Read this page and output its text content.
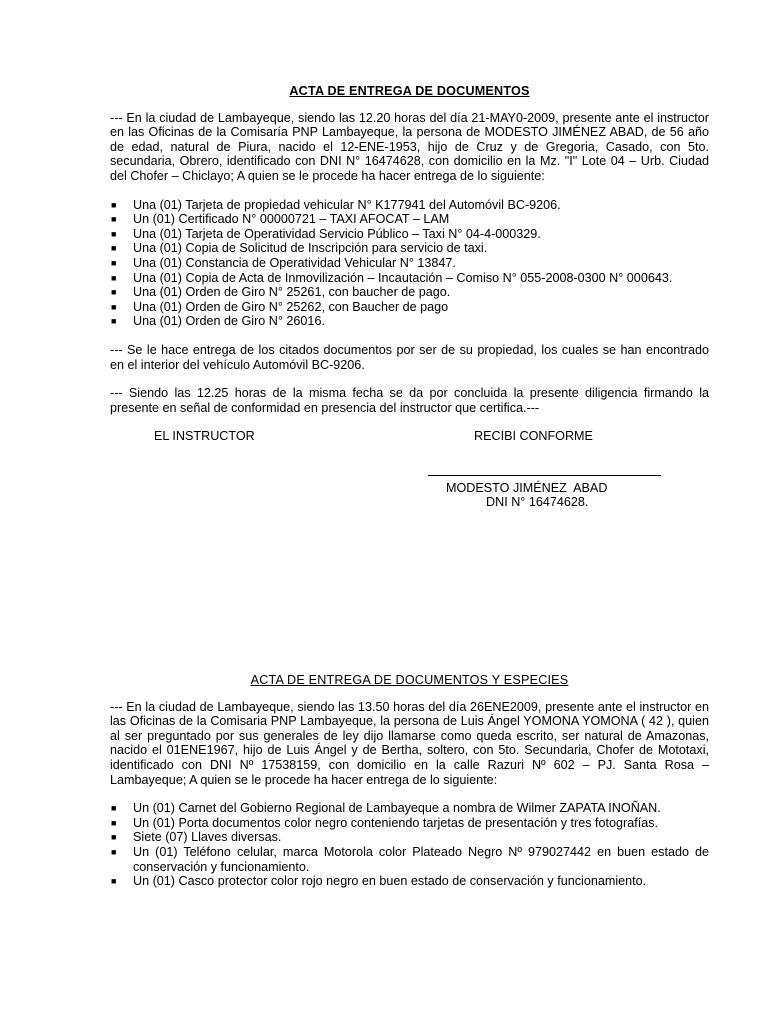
ACTA DE ENTREGA DE DOCUMENTOS
--- En la ciudad de Lambayeque, siendo las 12.20 horas del día 21-MAY0-2009, presente ante el instructor en las Oficinas de la Comisaría PNP Lambayeque, la persona de MODESTO JIMÉNEZ ABAD, de 56 año de edad, natural de Piura, nacido el 12-ENE-1953, hijo de Cruz y de Gregoria, Casado, con 5to. secundaria, Obrero, identificado con DNI N° 16474628, con domicilio en la Mz. "I" Lote 04 – Urb. Ciudad del Chofer – Chiclayo; A quien se le procede ha hacer entrega de lo siguiente:
■ Una (01) Tarjeta de propiedad vehicular N° K177941 del Automóvil BC-9206.
■ Un (01) Certificado N° 00000721 – TAXI AFOCAT – LAM
■ Una (01) Tarjeta de Operatividad Servicio Público – Taxi N° 04-4-000329.
■ Una (01) Copia de Solicitud de Inscripción para servicio de taxi.
■ Una (01) Constancia de Operatividad Vehicular N° 13847.
■ Una (01) Copia de Acta de Inmovilización – Incautación – Comiso N° 055-2008-0300 N° 000643.
■ Una (01) Orden de Giro N° 25261, con baucher de pago.
■ Una (01) Orden de Giro N° 25262, con Baucher de pago
■ Una (01) Orden de Giro N° 26016.
--- Se le hace entrega de los citados documentos por ser de su propiedad, los cuales se han encontrado en el interior del vehículo Automóvil BC-9206.
--- Siendo las 12.25 horas de la misma fecha se da por concluida la presente diligencia firmando la presente en señal de conformidad en presencia del instructor que certifica.---
EL INSTRUCTOR	RECIBI CONFORME
MODESTO JIMÉNEZ  ABAD
DNI N° 16474628.
ACTA DE ENTREGA DE DOCUMENTOS Y ESPECIES
--- En la ciudad de Lambayeque, siendo las 13.50 horas del día 26ENE2009, presente ante el instructor en las Oficinas de la Comisaria PNP Lambayeque, la persona de Luis Ángel YOMONA YOMONA ( 42 ), quien al ser preguntado por sus generales de ley dijo llamarse como queda escrito, ser natural de Amazonas, nacido el 01ENE1967, hijo de Luis Ángel y de Bertha, soltero, con 5to. Secundaria, Chofer de Mototaxi, identificado con DNI Nº 17538159, con domicilio en la calle Razuri Nº 602 – PJ. Santa Rosa – Lambayeque; A quien se le procede ha hacer entrega de lo siguiente:
■ Un (01) Carnet del Gobierno Regional de Lambayeque a nombra de Wilmer ZAPATA INOÑAN.
■ Un (01) Porta documentos color negro conteniendo tarjetas de presentación y tres fotografías.
■ Siete (07) Llaves diversas.
■ Un (01) Teléfono celular, marca Motorola color Plateado Negro Nº 979027442 en buen estado de conservación y funcionamiento.
■ Un (01) Casco protector color rojo negro en buen estado de conservación y funcionamiento.
